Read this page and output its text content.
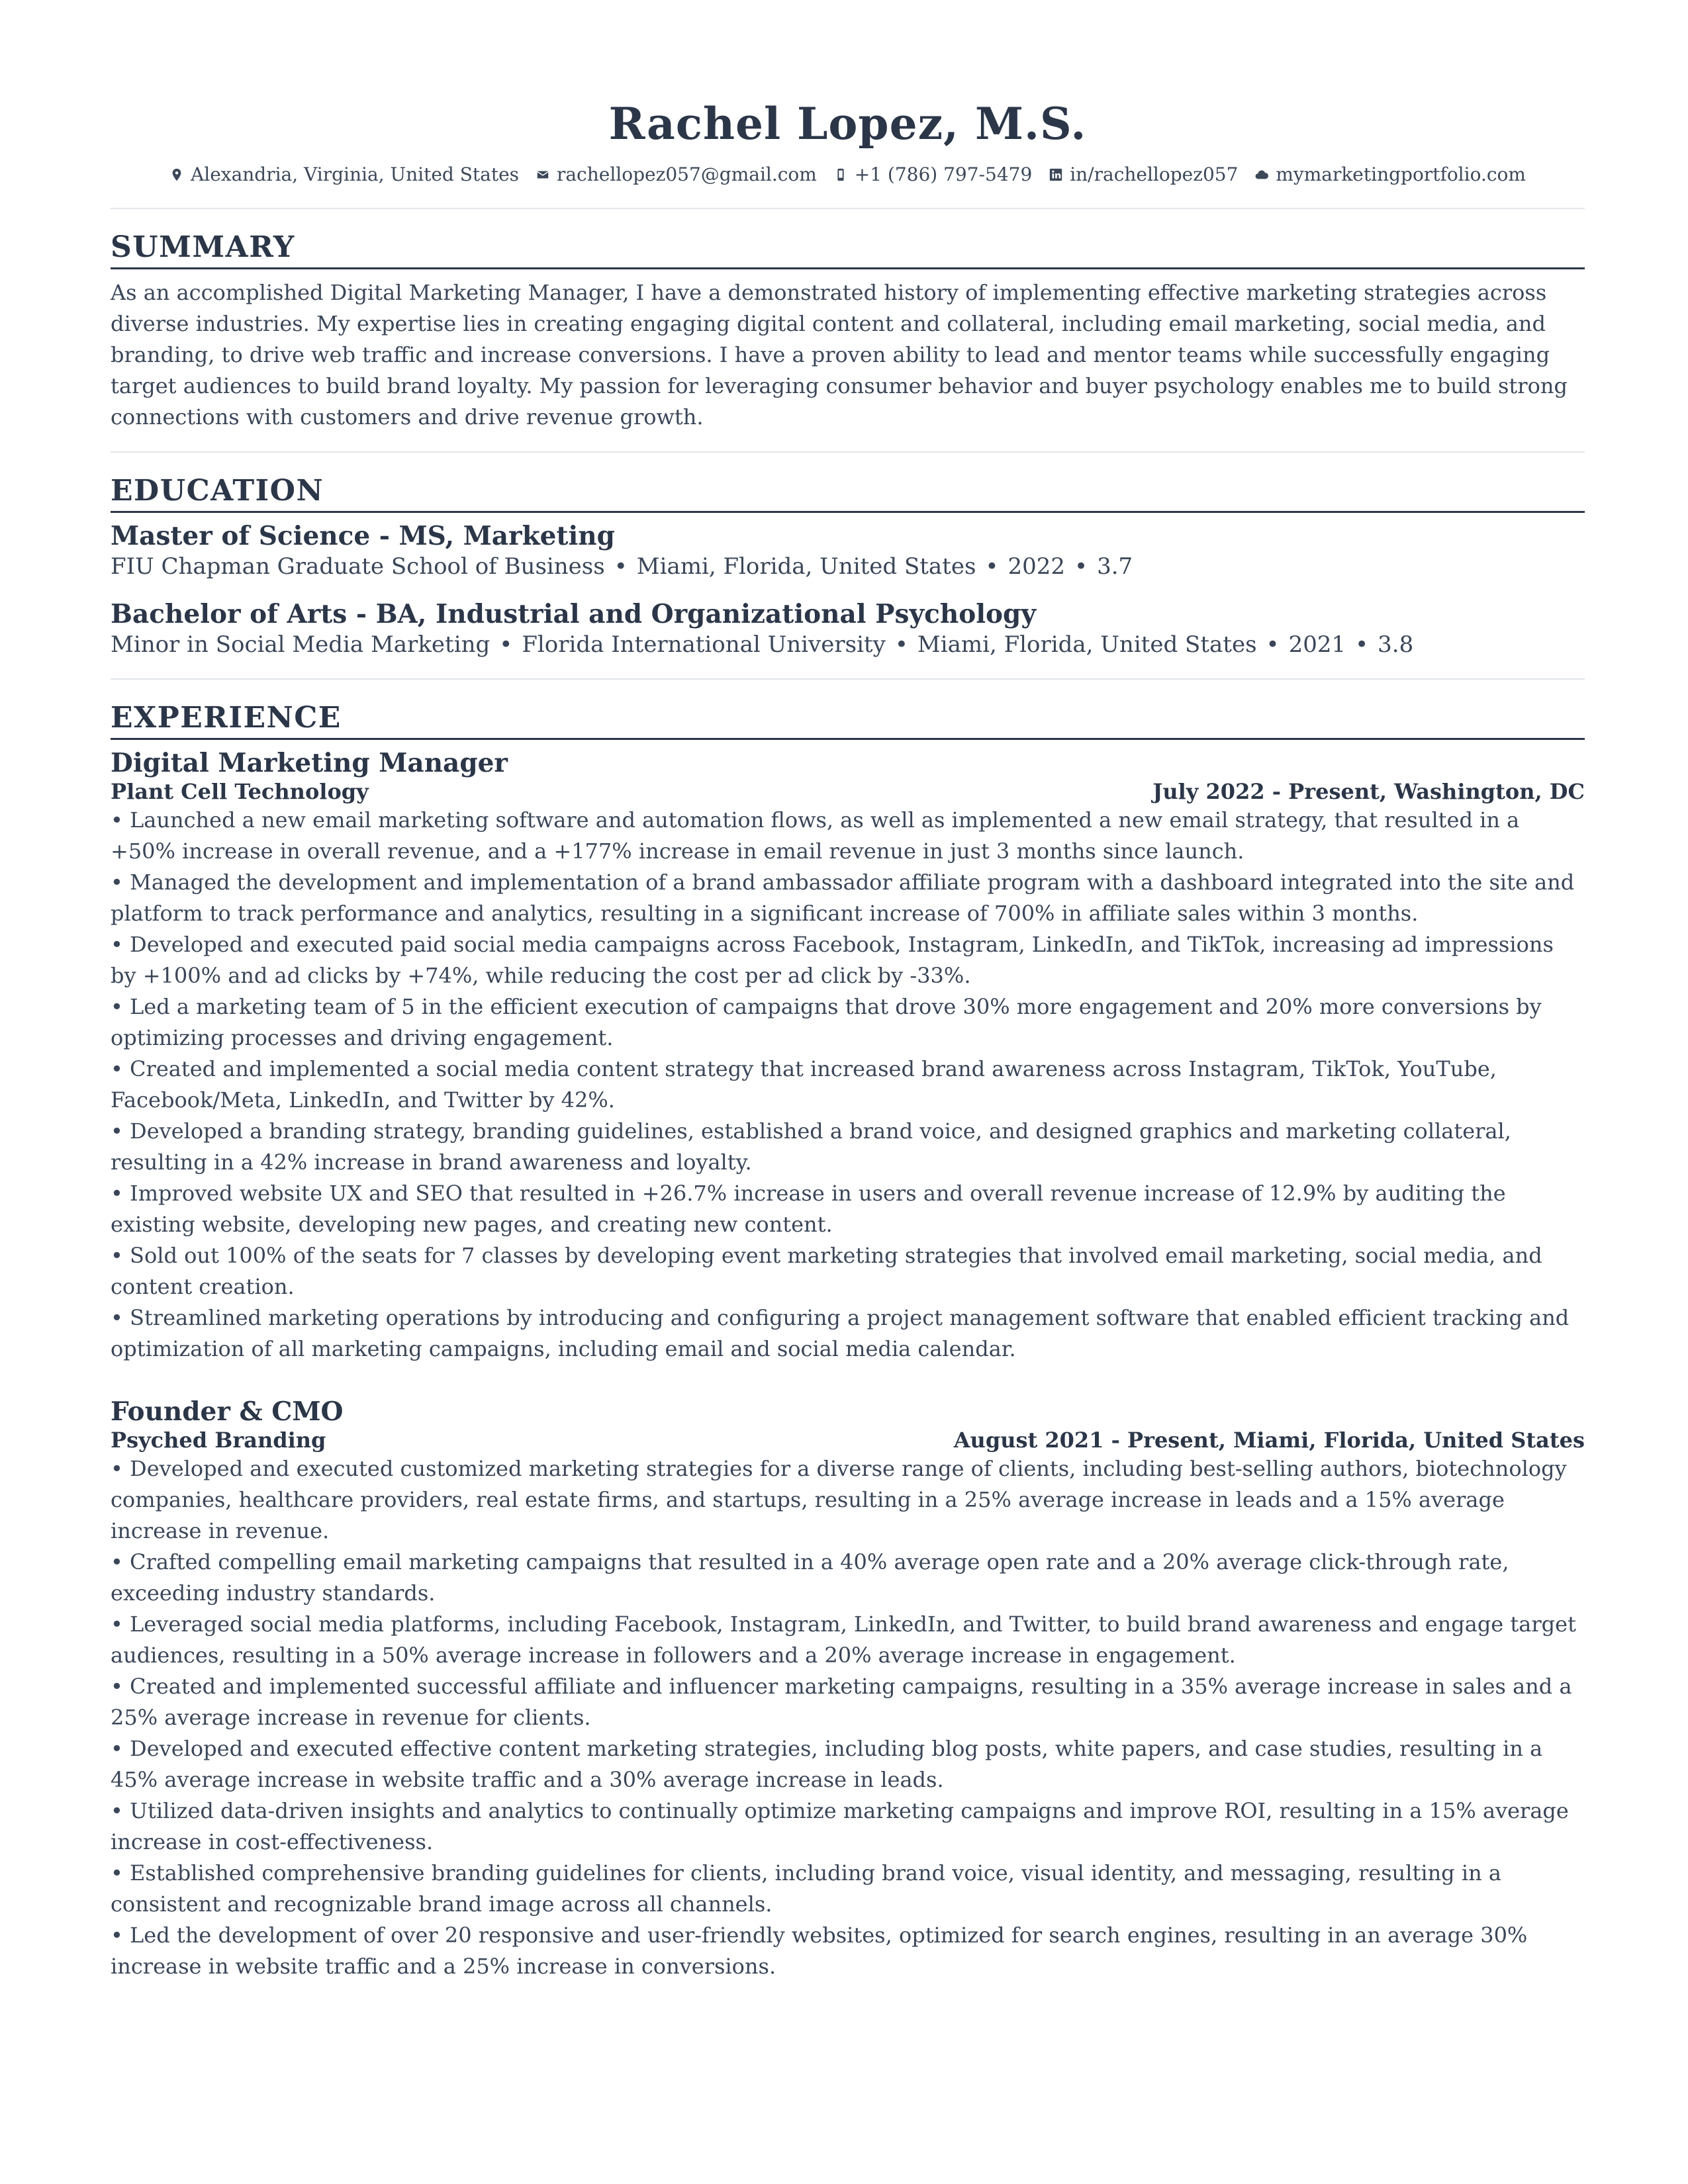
Rachel Lopez, M.S.
Alexandria, Virginia, United States
rachellopez057@gmail.com
+1 (786) 797-5479
in/rachellopez057
mymarketingportfolio.com
SUMMARY
As an accomplished Digital Marketing Manager, I have a demonstrated history of implementing effective marketing strategies across diverse industries. My expertise lies in creating engaging digital content and collateral, including email marketing, social media, and branding, to drive web traffic and increase conversions. I have a proven ability to lead and mentor teams while successfully engaging target audiences to build brand loyalty. My passion for leveraging consumer behavior and buyer psychology enables me to build strong connections with customers and drive revenue growth.
EDUCATION
Master of Science - MS, Marketing
FIU Chapman Graduate School of Business • Miami, Florida, United States • 2022 • 3.7
Bachelor of Arts - BA, Industrial and Organizational Psychology
Minor in Social Media Marketing • Florida International University • Miami, Florida, United States • 2021 • 3.8
EXPERIENCE
Digital Marketing Manager
Plant Cell Technology	July 2022 - Present, Washington, DC
• Launched a new email marketing software and automation flows, as well as implemented a new email strategy, that resulted in a +50% increase in overall revenue, and a +177% increase in email revenue in just 3 months since launch.
• Managed the development and implementation of a brand ambassador affiliate program with a dashboard integrated into the site and platform to track performance and analytics, resulting in a significant increase of 700% in affiliate sales within 3 months.
• Developed and executed paid social media campaigns across Facebook, Instagram, LinkedIn, and TikTok, increasing ad impressions by +100% and ad clicks by +74%, while reducing the cost per ad click by -33%.
• Led a marketing team of 5 in the efficient execution of campaigns that drove 30% more engagement and 20% more conversions by optimizing processes and driving engagement.
• Created and implemented a social media content strategy that increased brand awareness across Instagram, TikTok, YouTube, Facebook/Meta, LinkedIn, and Twitter by 42%.
• Developed a branding strategy, branding guidelines, established a brand voice, and designed graphics and marketing collateral, resulting in a 42% increase in brand awareness and loyalty.
• Improved website UX and SEO that resulted in +26.7% increase in users and overall revenue increase of 12.9% by auditing the existing website, developing new pages, and creating new content.
• Sold out 100% of the seats for 7 classes by developing event marketing strategies that involved email marketing, social media, and content creation.
• Streamlined marketing operations by introducing and configuring a project management software that enabled efficient tracking and optimization of all marketing campaigns, including email and social media calendar.
Founder & CMO
Psyched Branding	August 2021 - Present, Miami, Florida, United States
• Developed and executed customized marketing strategies for a diverse range of clients, including best-selling authors, biotechnology companies, healthcare providers, real estate firms, and startups, resulting in a 25% average increase in leads and a 15% average increase in revenue.
• Crafted compelling email marketing campaigns that resulted in a 40% average open rate and a 20% average click-through rate, exceeding industry standards.
• Leveraged social media platforms, including Facebook, Instagram, LinkedIn, and Twitter, to build brand awareness and engage target audiences, resulting in a 50% average increase in followers and a 20% average increase in engagement.
• Created and implemented successful affiliate and influencer marketing campaigns, resulting in a 35% average increase in sales and a 25% average increase in revenue for clients.
• Developed and executed effective content marketing strategies, including blog posts, white papers, and case studies, resulting in a 45% average increase in website traffic and a 30% average increase in leads.
• Utilized data-driven insights and analytics to continually optimize marketing campaigns and improve ROI, resulting in a 15% average increase in cost-effectiveness.
• Established comprehensive branding guidelines for clients, including brand voice, visual identity, and messaging, resulting in a consistent and recognizable brand image across all channels.
• Led the development of over 20 responsive and user-friendly websites, optimized for search engines, resulting in an average 30% increase in website traffic and a 25% increase in conversions.
